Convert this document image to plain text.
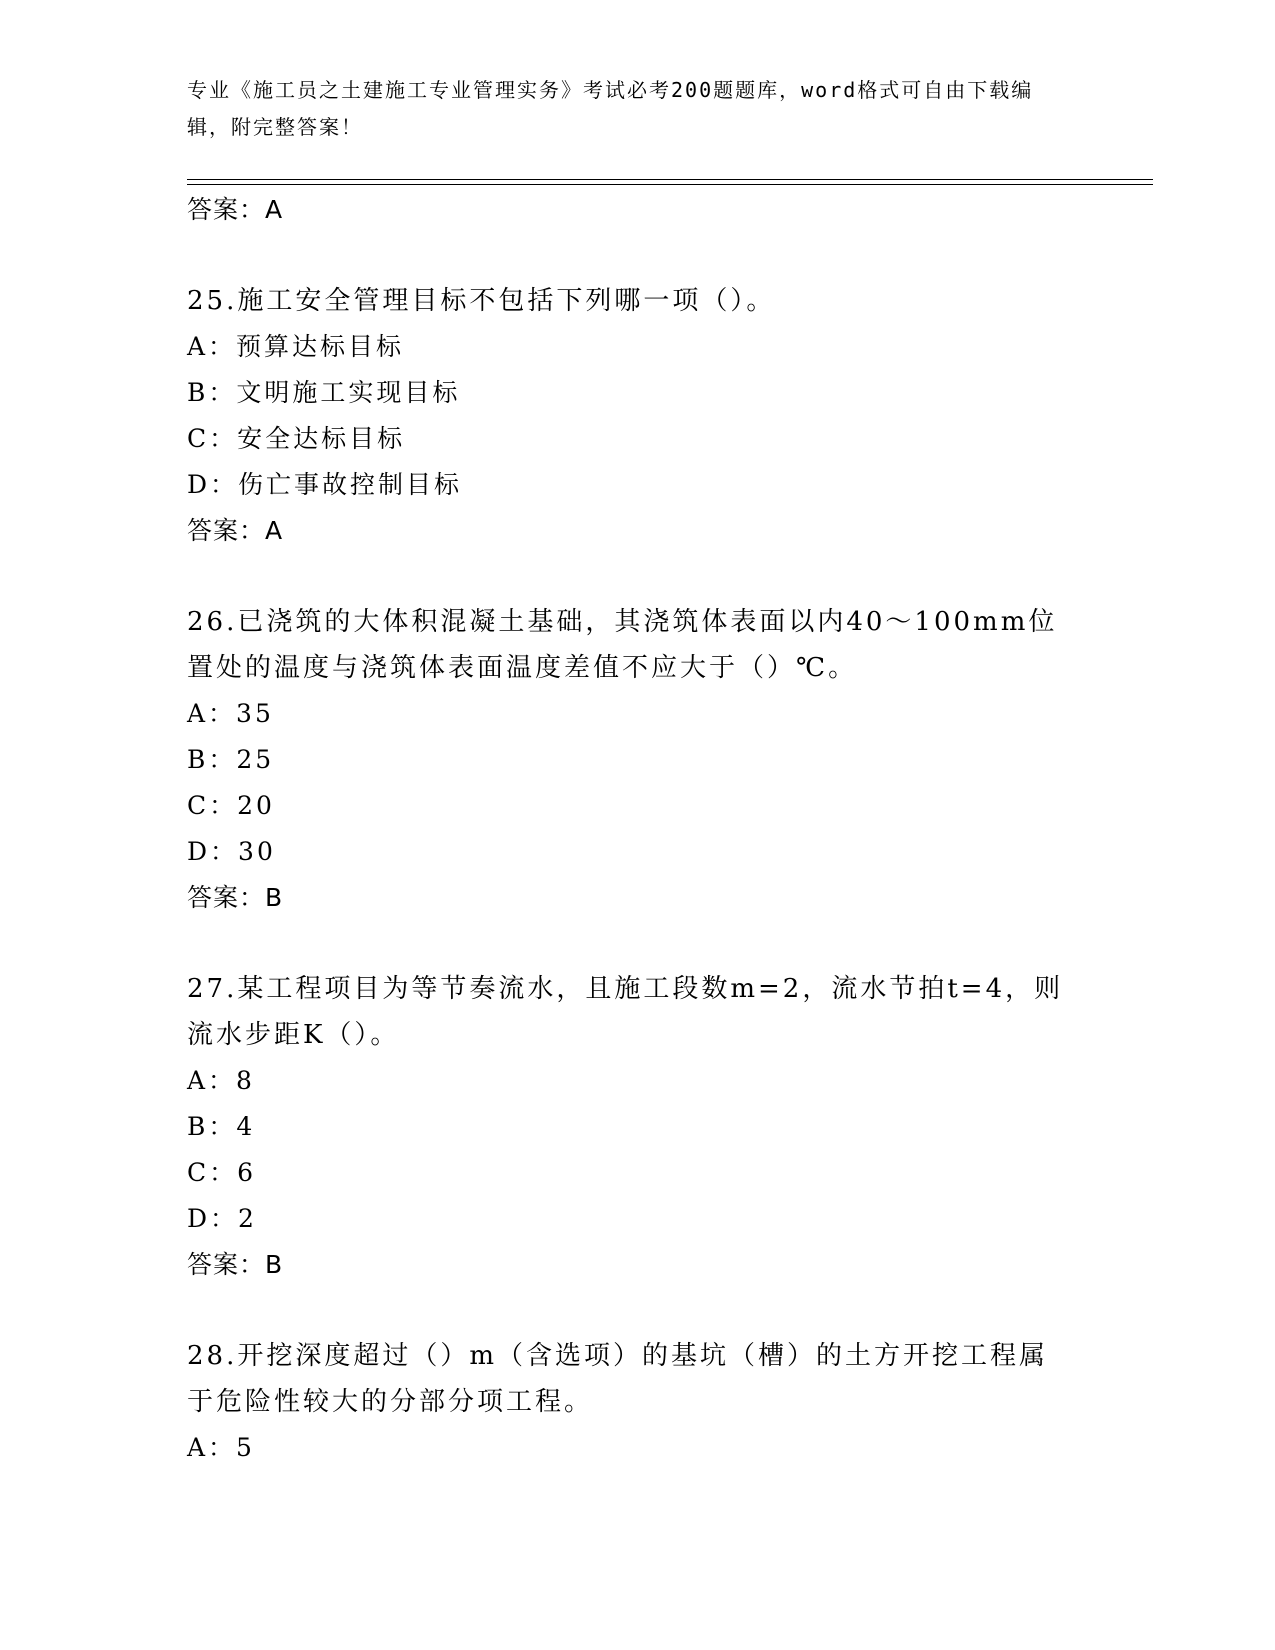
专业《施工员之土建施工专业管理实务》考试必考200题题库，word格式可自由下载编辑，附完整答案！

答案：A

25.施工安全管理目标不包括下列哪一项（）。

A：预算达标目标

B：文明施工实现目标

C：安全达标目标

D：伤亡事故控制目标

答案：A

26.已浇筑的大体积混凝土基础，其浇筑体表面以内40～100mm位置处的温度与浇筑体表面温度差值不应大于（）℃。

A：35

B：25

C：20

D：30

答案：B

27.某工程项目为等节奏流水，且施工段数m=2，流水节拍t=4，则流水步距K（）。

A：8

B：4

C：6

D：2

答案：B

28.开挖深度超过（）m（含选项）的基坑（槽）的土方开挖工程属于危险性较大的分部分项工程。

A：5
